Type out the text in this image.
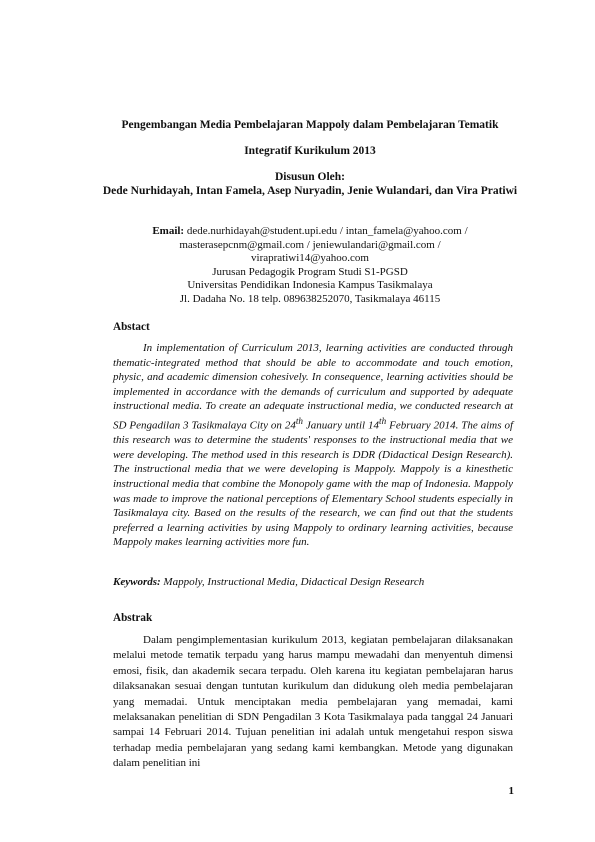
Pengembangan Media Pembelajaran Mappoly dalam Pembelajaran Tematik
Integratif Kurikulum 2013
Disusun Oleh:
Dede Nurhidayah, Intan Famela, Asep Nuryadin, Jenie Wulandari, dan Vira Pratiwi
Email: dede.nurhidayah@student.upi.edu / intan_famela@yahoo.com /
masterasepcnm@gmail.com / jeniewulandari@gmail.com /
virapratiwi14@yahoo.com
Jurusan Pedagogik Program Studi S1-PGSD
Universitas Pendidikan Indonesia Kampus Tasikmalaya
Jl. Dadaha No. 18 telp. 089638252070, Tasikmalaya 46115
Abstact

In implementation of Curriculum 2013, learning activities are conducted through thematic-integrated method that should be able to accommodate and touch emotion, physic, and academic dimension cohesively. In consequence, learning activities should be implemented in accordance with the demands of curriculum and supported by adequate instructional media. To create an adequate instructional media, we conducted research at SD Pengadilan 3 Tasikmalaya City on 24th January until 14th February 2014. The aims of this research was to determine the students' responses to the instructional media that we were developing. The method used in this research is DDR (Didactical Design Research). The instructional media that we were developing is Mappoly. Mappoly is a kinesthetic instructional media that combine the Monopoly game with the map of Indonesia. Mappoly was made to improve the national perceptions of Elementary School students especially in Tasikmalaya city. Based on the results of the research, we can find out that the students preferred a learning activities by using Mappoly to ordinary learning activities, because Mappoly makes learning activities more fun.

Keywords: Mappoly, Instructional Media, Didactical Design Research

Abstrak

Dalam pengimplementasian kurikulum 2013, kegiatan pembelajaran dilaksanakan melalui metode tematik terpadu yang harus mampu mewadahi dan menyentuh dimensi emosi, fisik, dan akademik secara terpadu. Oleh karena itu kegiatan pembelajaran harus dilaksanakan sesuai dengan tuntutan kurikulum dan didukung oleh media pembelajaran yang memadai. Untuk menciptakan media pembelajaran yang memadai, kami melaksanakan penelitian di SDN Pengadilan 3 Kota Tasikmalaya pada tanggal 24 Januari sampai 14 Februari 2014. Tujuan penelitian ini adalah untuk mengetahui respon siswa terhadap media pembelajaran yang sedang kami kembangkan. Metode yang digunakan dalam penelitian ini

1
